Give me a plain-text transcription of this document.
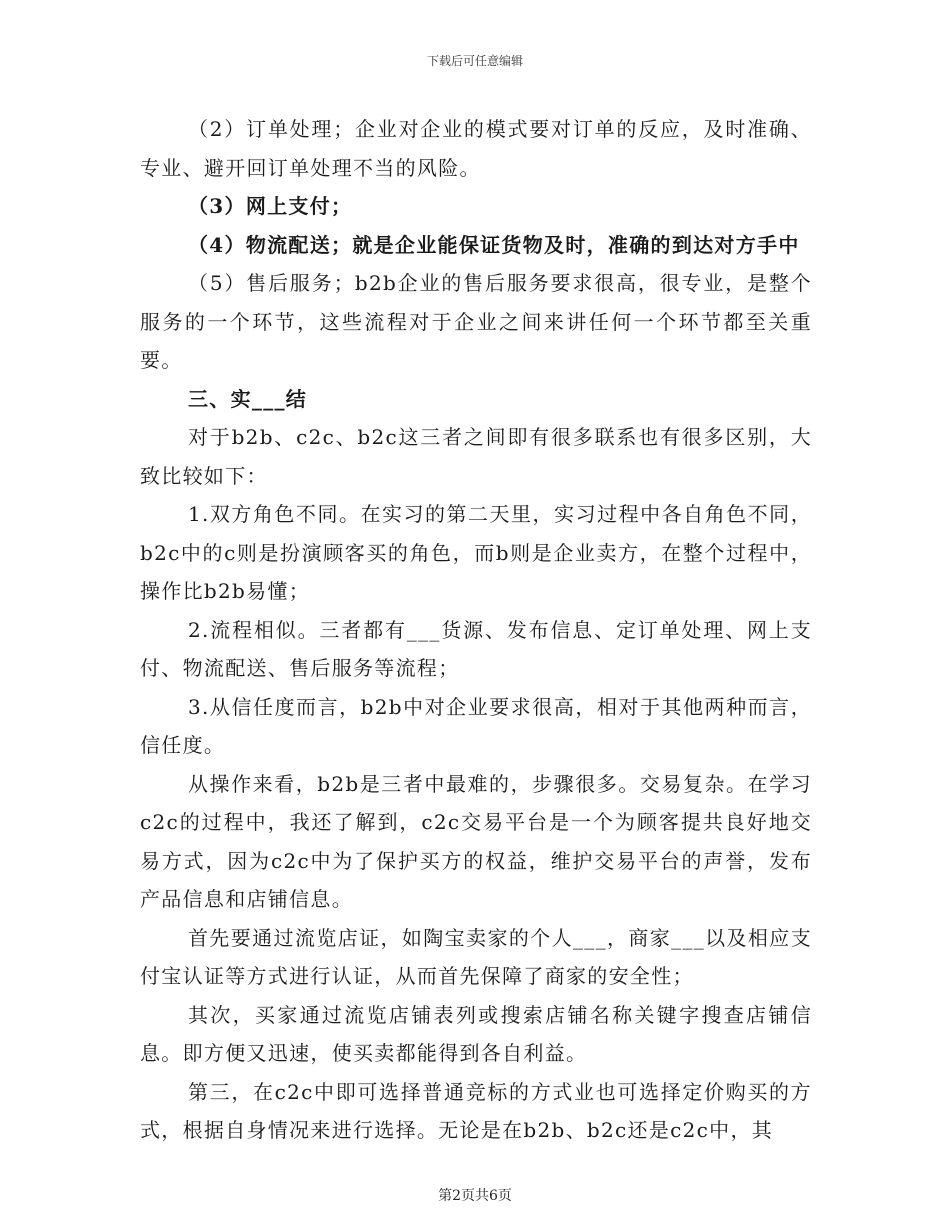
下载后可任意编辑

（2）订单处理；企业对企业的模式要对订单的反应，及时准确、专业、避开回订单处理不当的风险。

（3）网上支付；

（4）物流配送；就是企业能保证货物及时，准确的到达对方手中

（5）售后服务；b2b企业的售后服务要求很高，很专业，是整个服务的一个环节，这些流程对于企业之间来讲任何一个环节都至关重要。

三、实___结

对于b2b、c2c、b2c这三者之间即有很多联系也有很多区别，大致比较如下：

1.双方角色不同。在实习的第二天里，实习过程中各自角色不同，b2c中的c则是扮演顾客买的角色，而b则是企业卖方，在整个过程中，操作比b2b易懂；

2.流程相似。三者都有___货源、发布信息、定订单处理、网上支付、物流配送、售后服务等流程；

3.从信任度而言，b2b中对企业要求很高，相对于其他两种而言，信任度。

从操作来看，b2b是三者中最难的，步骤很多。交易复杂。在学习c2c的过程中，我还了解到，c2c交易平台是一个为顾客提共良好地交易方式，因为c2c中为了保护买方的权益，维护交易平台的声誉，发布产品信息和店铺信息。

首先要通过流览店证，如陶宝卖家的个人___，商家___以及相应支付宝认证等方式进行认证，从而首先保障了商家的安全性；

其次，买家通过流览店铺表列或搜索店铺名称关键字搜查店铺信息。即方便又迅速，使买卖都能得到各自利益。

第三，在c2c中即可选择普通竞标的方式业也可选择定价购买的方式，根据自身情况来进行选择。无论是在b2b、b2c还是c2c中，其

第2页共6页
